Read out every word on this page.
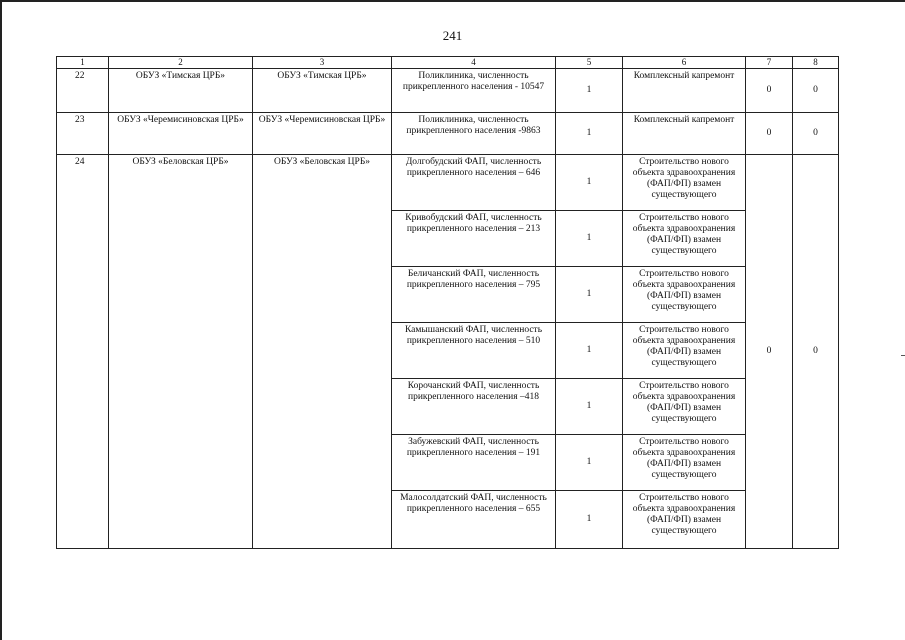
241
1	2	3	4	5	6	7	8

22	ОБУЗ «Тимская ЦРБ»	ОБУЗ «Тимская ЦРБ»	Поликлиника, численность прикрепленного населения - 10547	1	Комплексный капремонт	0	0

23	ОБУЗ «Черемисиновская ЦРБ»	ОБУЗ «Черемисиновская ЦРБ»	Поликлиника, численность прикрепленного населения -9863	1	Комплексный капремонт	0	0

24	ОБУЗ «Беловская ЦРБ»	ОБУЗ «Беловская ЦРБ»	Долгобудский ФАП, численность прикрепленного населения – 646	1	Строительство нового объекта здравоохранения (ФАП/ФП) взамен существующего	0	0

			Кривобудский ФАП, численность прикрепленного населения – 213	1	Строительство нового объекта здравоохранения (ФАП/ФП) взамен существующего		

			Беличанский ФАП, численность прикрепленного населения – 795	1	Строительство нового объекта здравоохранения (ФАП/ФП) взамен существующего		

			Камышанский ФАП, численность прикрепленного населения – 510	1	Строительство нового объекта здравоохранения (ФАП/ФП) взамен существующего		

			Корочанский ФАП, численность прикрепленного населения –418	1	Строительство нового объекта здравоохранения (ФАП/ФП) взамен существующего		

			Забужевский ФАП, численность прикрепленного населения – 191	1	Строительство нового объекта здравоохранения (ФАП/ФП) взамен существующего		

			Малосолдатский ФАП, численность прикрепленного населения – 655	1	Строительство нового объекта здравоохранения (ФАП/ФП) взамен существующего		
